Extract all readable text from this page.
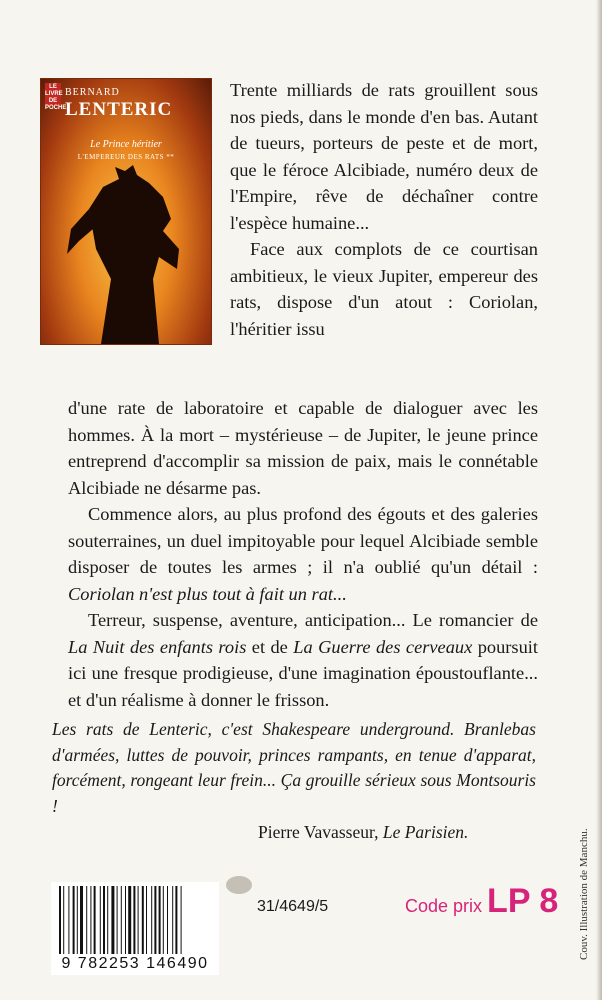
LE LIVRE DE POCHE
BERNARD
LENTERIC
Le Prince héritier
L'EMPEREUR DES RATS **

Trente milliards de rats grouillent sous nos pieds, dans le monde d'en bas. Autant de tueurs, porteurs de peste et de mort, que le féroce Alcibiade, numéro deux de l'Empire, rêve de déchaîner contre l'espèce humaine...

Face aux complots de ce courtisan ambitieux, le vieux Jupiter, empereur des rats, dispose d'un atout : Coriolan, l'héritier issu

d'une rate de laboratoire et capable de dialoguer avec les hommes. À la mort – mystérieuse – de Jupiter, le jeune prince entreprend d'accomplir sa mission de paix, mais le connétable Alcibiade ne désarme pas.

Commence alors, au plus profond des égouts et des galeries souterraines, un duel impitoyable pour lequel Alcibiade semble disposer de toutes les armes ; il n'a oublié qu'un détail : Coriolan n'est plus tout à fait un rat...

Terreur, suspense, aventure, anticipation... Le romancier de La Nuit des enfants rois et de La Guerre des cerveaux poursuit ici une fresque prodigieuse, d'une imagination époustouflante... et d'un réalisme à donner le frisson.

Les rats de Lenteric, c'est Shakespeare underground. Branlebas d'armées, luttes de pouvoir, princes rampants, en tenue d'apparat, forcément, rongeant leur frein... Ça grouille sérieux sous Montsouris !
Pierre Vavasseur, Le Parisien.
9 782253 146490
31/4649/5	Code prix LP 8 Couv. Illustration de Manchu.
